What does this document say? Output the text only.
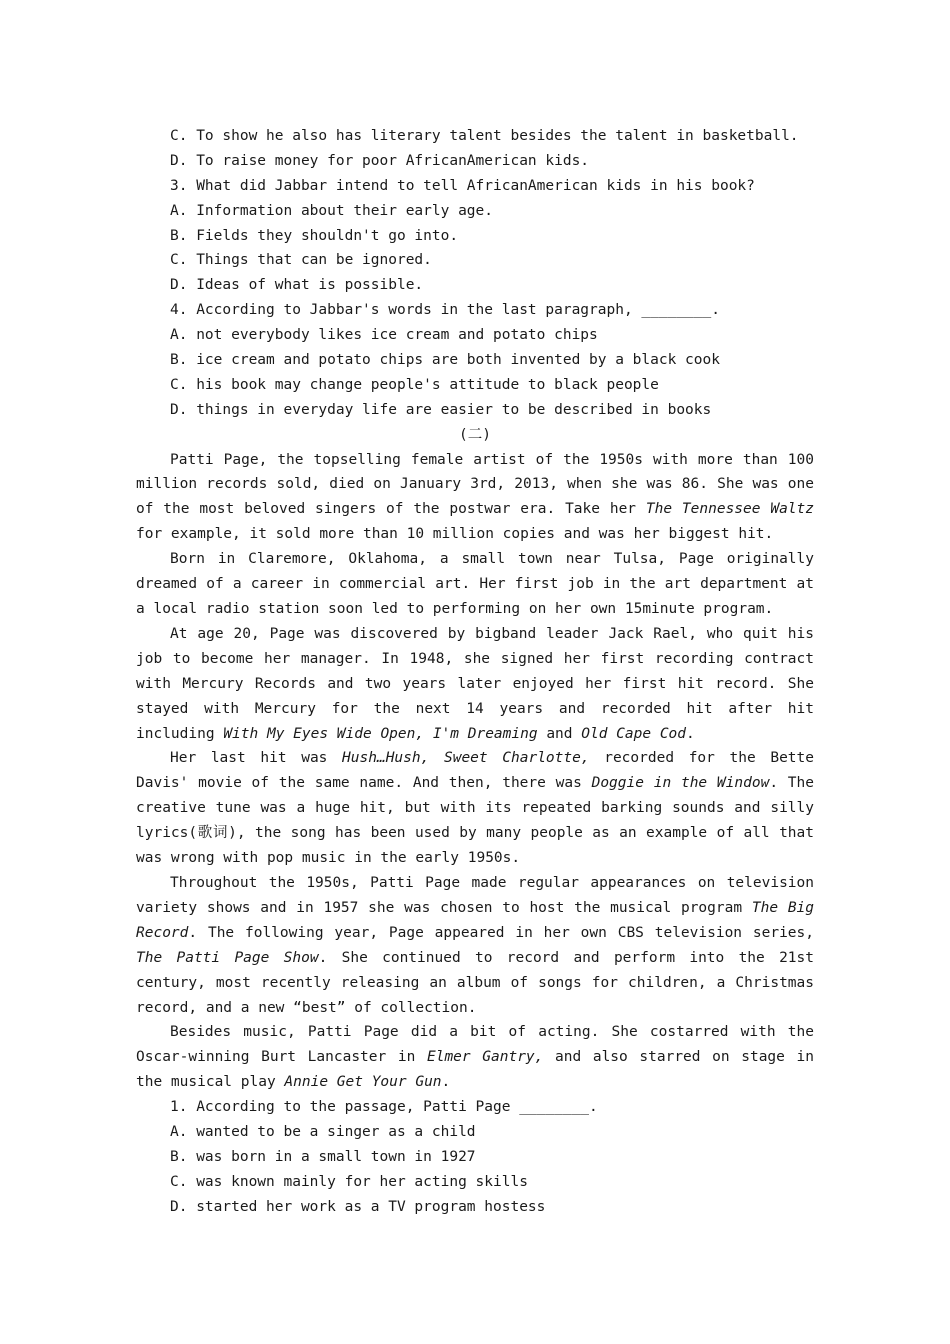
C. To show he also has literary talent besides the talent in basketball.
D. To raise money for poor AfricanAmerican kids.
3. What did Jabbar intend to tell AfricanAmerican kids in his book?
A. Information about their early age.
B. Fields they shouldn't go into.
C. Things that can be ignored.
D. Ideas of what is possible.
4. According to Jabbar's words in the last paragraph, ________.
A. not everybody likes ice cream and potato chips
B. ice cream and potato chips are both invented by a black cook
C. his book may change people's attitude to black people
D. things in everyday life are easier to be described in books
(二)
Patti Page, the topselling female artist of the 1950s with more than 100 million records sold, died on January 3rd, 2013, when she was 86. She was one of the most beloved singers of the postwar era. Take her The Tennessee Waltz for example, it sold more than 10 million copies and was her biggest hit.
Born in Claremore, Oklahoma, a small town near Tulsa, Page originally dreamed of a career in commercial art. Her first job in the art department at a local radio station soon led to performing on her own 15minute program.
At age 20, Page was discovered by bigband leader Jack Rael, who quit his job to become her manager. In 1948, she signed her first recording contract with Mercury Records and two years later enjoyed her first hit record. She stayed with Mercury for the next 14 years and recorded hit after hit including With My Eyes Wide Open, I'm Dreaming and Old Cape Cod.
Her last hit was Hush…Hush, Sweet Charlotte, recorded for the Bette Davis' movie of the same name. And then, there was Doggie in the Window. The creative tune was a huge hit, but with its repeated barking sounds and silly lyrics(歌词), the song has been used by many people as an example of all that was wrong with pop music in the early 1950s.
Throughout the 1950s, Patti Page made regular appearances on television variety shows and in 1957 she was chosen to host the musical program The Big Record. The following year, Page appeared in her own CBS television series, The Patti Page Show. She continued to record and perform into the 21st century, most recently releasing an album of songs for children, a Christmas record, and a new “best” of collection.
Besides music, Patti Page did a bit of acting. She costarred with the Oscar-winning Burt Lancaster in Elmer Gantry, and also starred on stage in the musical play Annie Get Your Gun.
1. According to the passage, Patti Page ________.
A. wanted to be a singer as a child
B. was born in a small town in 1927
C. was known mainly for her acting skills
D. started her work as a TV program hostess
